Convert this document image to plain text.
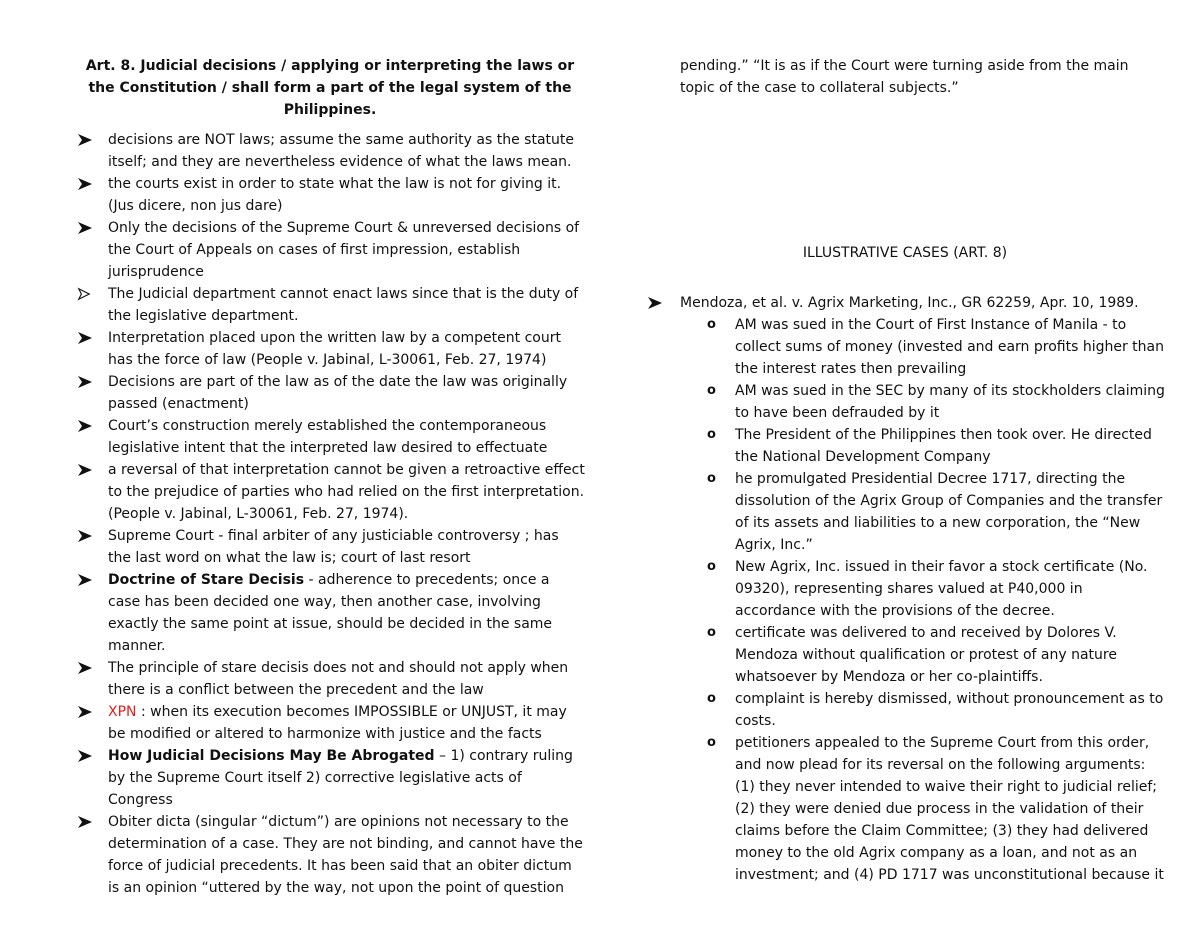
Art. 8. Judicial decisions / applying or interpreting the laws or the Constitution / shall form a part of the legal system of the Philippines.

decisions are NOT laws; assume the same authority as the statute itself; and they are nevertheless evidence of what the laws mean.
the courts exist in order to state what the law is not for giving it. (Jus dicere, non jus dare)
Only the decisions of the Supreme Court & unreversed decisions of the Court of Appeals on cases of first impression, establish jurisprudence
The Judicial department cannot enact laws since that is the duty of the legislative department.
Interpretation placed upon the written law by a competent court has the force of law (People v. Jabinal, L-30061, Feb. 27, 1974)
Decisions are part of the law as of the date the law was originally passed (enactment)
Court’s construction merely established the contemporaneous legislative intent that the interpreted law desired to effectuate
a reversal of that interpretation cannot be given a retroactive effect to the prejudice of parties who had relied on the first interpretation. (People v. Jabinal, L-30061, Feb. 27, 1974).
Supreme Court - final arbiter of any justiciable controversy ; has the last word on what the law is; court of last resort
Doctrine of Stare Decisis - adherence to precedents; once a case has been decided one way, then another case, involving exactly the same point at issue, should be decided in the same manner.
The principle of stare decisis does not and should not apply when there is a conflict between the precedent and the law
XPN : when its execution becomes IMPOSSIBLE or UNJUST, it may be modified or altered to harmonize with justice and the facts
How Judicial Decisions May Be Abrogated – 1) contrary ruling by the Supreme Court itself 2) corrective legislative acts of Congress
Obiter dicta (singular “dictum”) are opinions not necessary to the determination of a case. They are not binding, and cannot have the force of judicial precedents. It has been said that an obiter dictum is an opinion “uttered by the way, not upon the point of question

pending.” “It is as if the Court were turning aside from the main topic of the case to collateral subjects.”

ILLUSTRATIVE CASES (ART. 8)
Mendoza, et al. v. Agrix Marketing, Inc., GR 62259, Apr. 10, 1989.
o AM was sued in the Court of First Instance of Manila - to collect sums of money (invested and earn profits higher than the interest rates then prevailing
o AM was sued in the SEC by many of its stockholders claiming to have been defrauded by it
o The President of the Philippines then took over. He directed the National Development Company
o he promulgated Presidential Decree 1717, directing the dissolution of the Agrix Group of Companies and the transfer of its assets and liabilities to a new corporation, the “New Agrix, Inc.”
o New Agrix, Inc. issued in their favor a stock certificate (No. 09320), representing shares valued at P40,000 in accordance with the provisions of the decree.
o certificate was delivered to and received by Dolores V. Mendoza without qualification or protest of any nature whatsoever by Mendoza or her co-plaintiffs.
o complaint is hereby dismissed, without pronouncement as to costs.
o petitioners appealed to the Supreme Court from this order, and now plead for its reversal on the following arguments: (1) they never intended to waive their right to judicial relief; (2) they were denied due process in the validation of their claims before the Claim Committee; (3) they had delivered money to the old Agrix company as a loan, and not as an investment; and (4) PD 1717 was unconstitutional because it
